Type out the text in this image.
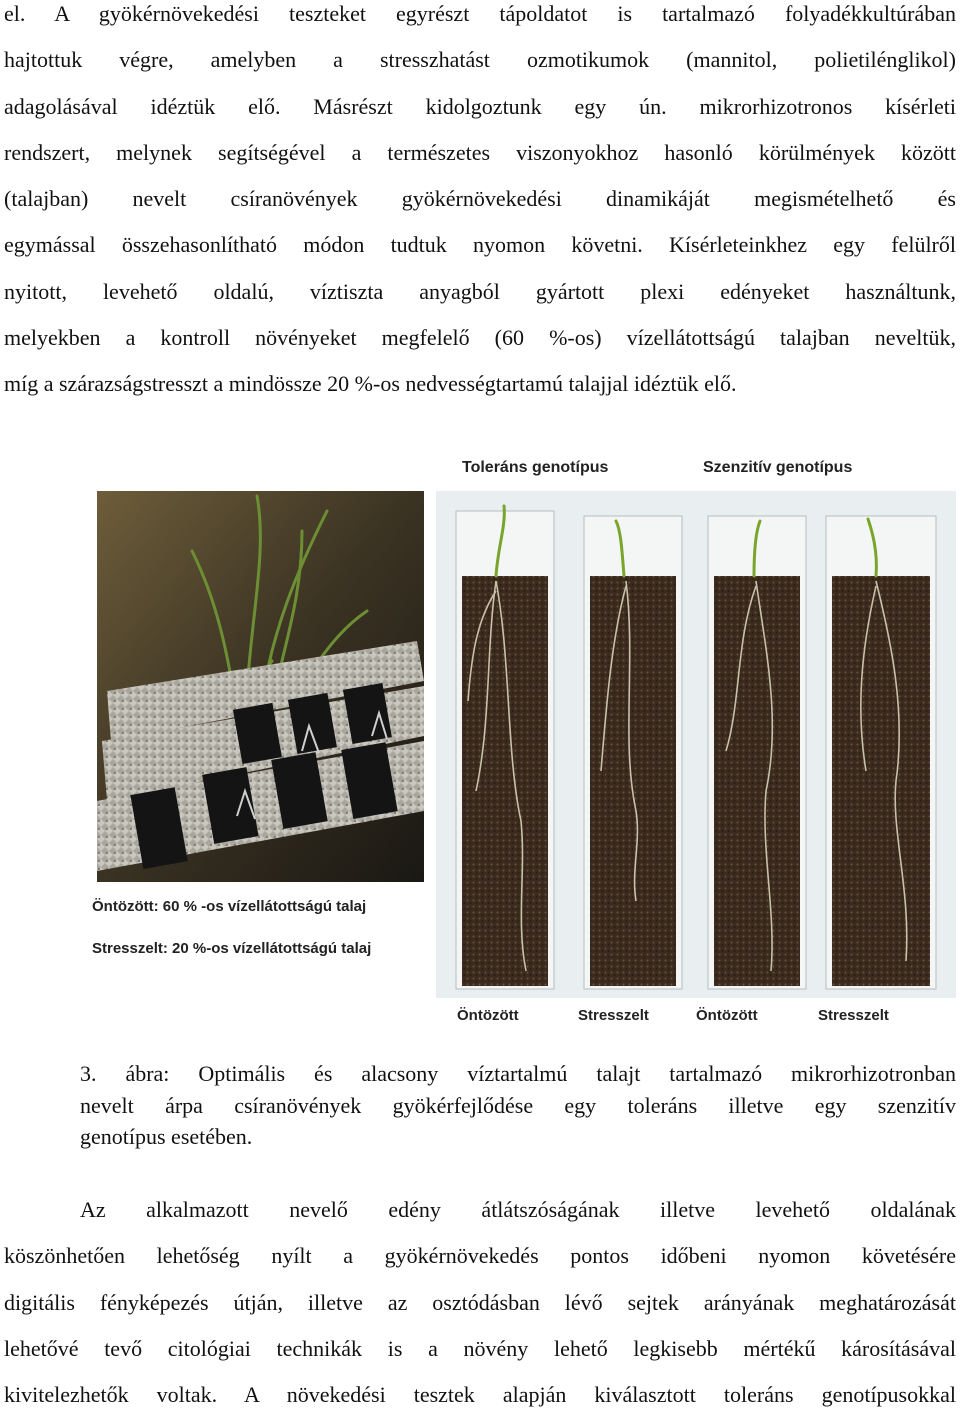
el. A gyökérnövekedési teszteket egyrészt tápoldatot is tartalmazó folyadékkultúrában
hajtottuk végre, amelyben a stresszhatást ozmotikumok (mannitol, polietilénglikol)
adagolásával idéztük elő. Másrészt kidolgoztunk egy ún. mikrorhizotronos kísérleti
rendszert, melynek segítségével a természetes viszonyokhoz hasonló körülmények között
(talajban) nevelt csíranövények gyökérnövekedési dinamikáját megismételhető és
egymással összehasonlítható módon tudtuk nyomon követni. Kísérleteinkhez egy felülről
nyitott, levehető oldalú, víztiszta anyagból gyártott plexi edényeket használtunk,
melyekben a kontroll növényeket megfelelő (60 %-os) vízellátottságú talajban neveltük,
míg a szárazságstresszt a mindössze 20 %-os nedvességtartamú talajjal idéztük elő.
Öntözött: 60 % -os vízellátottságú talaj
Stresszelt: 20 %-os vízellátottságú talaj
Toleráns genotípus	Szenzitív genotípus
Öntözött	Stresszelt	Öntözött	Stresszelt
3. ábra: Optimális és alacsony víztartalmú talajt tartalmazó mikrorhizotronban
nevelt árpa csíranövények gyökérfejlődése egy toleráns illetve egy szenzitív
genotípus esetében.
Az alkalmazott nevelő edény átlátszóságának illetve levehető oldalának
köszönhetően lehetőség nyílt a gyökérnövekedés pontos időbeni nyomon követésére
digitális fényképezés útján, illetve az osztódásban lévő sejtek arányának meghatározását
lehetővé tevő citológiai technikák is a növény lehető legkisebb mértékű károsításával
kivitelezhetők voltak. A növekedési tesztek alapján kiválasztott toleráns genotípusokkal
